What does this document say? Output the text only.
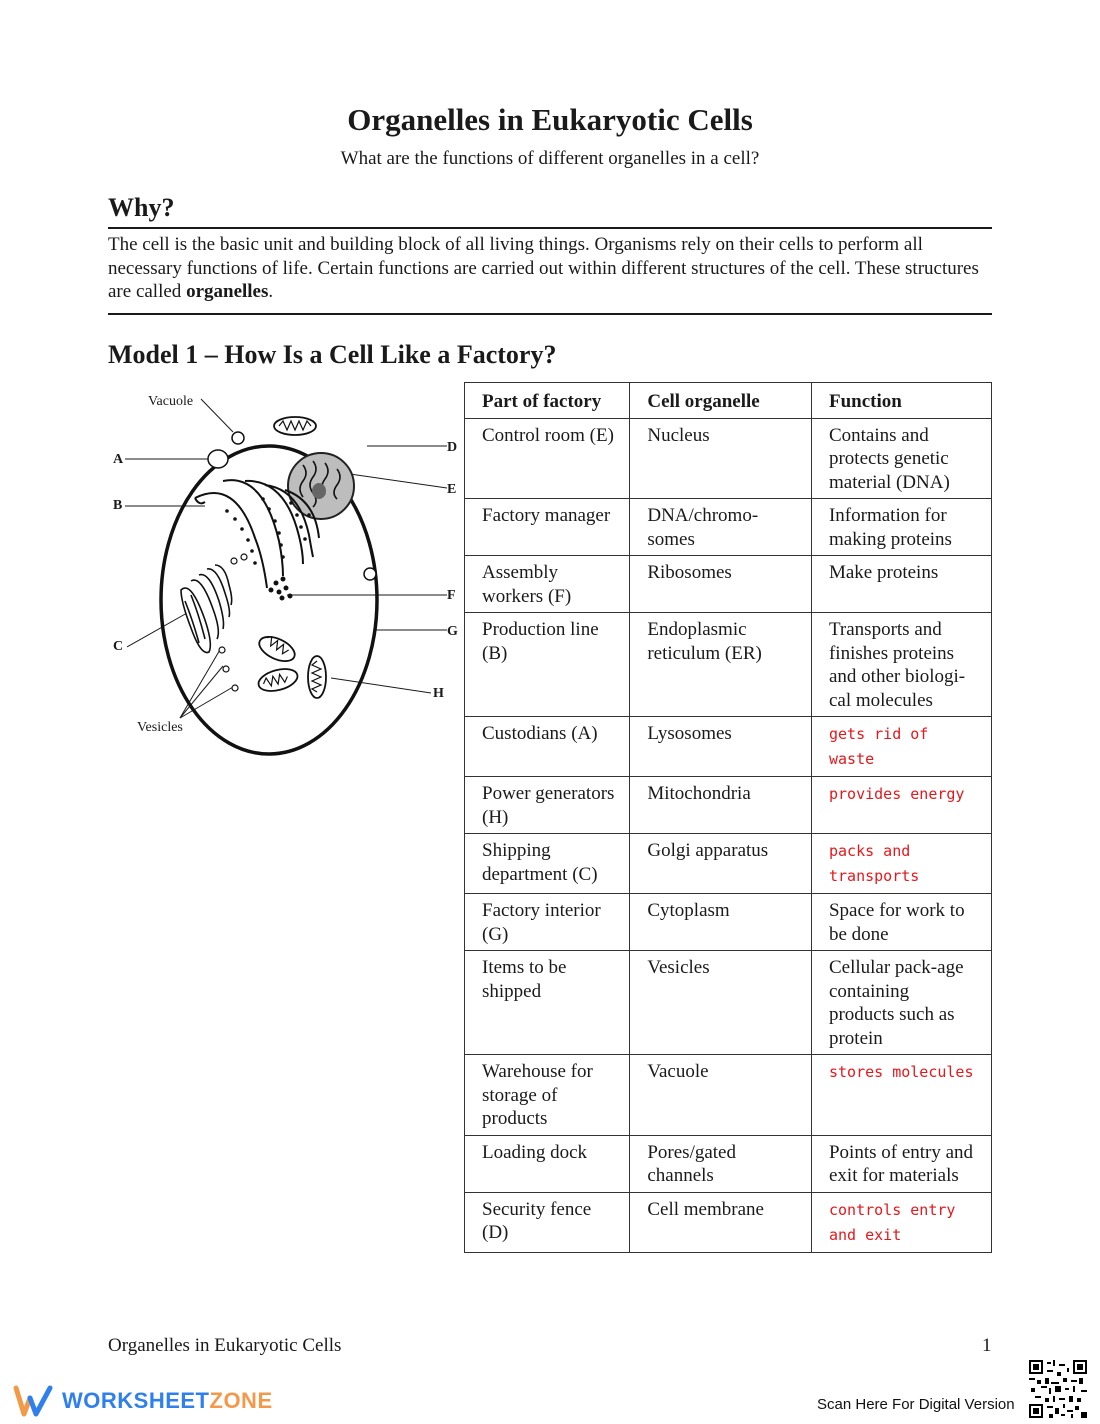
Organelles in Eukaryotic Cells
What are the functions of different organelles in a cell?
Why?
The cell is the basic unit and building block of all living things. Organisms rely on their cells to perform all necessary functions of life. Certain functions are carried out within different structures of the cell. These structures are called organelles.
Model 1 – How Is a Cell Like a Factory?
Vacuole
A
B
C
D
E
F
G
H
Vesicles
Part of factory	Cell organelle	Function
Control room (E)	Nucleus	Contains and protects genetic material (DNA)
Factory manager	DNA/chromo-somes	Information for making proteins
Assembly workers (F)	Ribosomes	Make proteins
Production line (B)	Endoplasmic reticulum (ER)	Transports and finishes proteins and other biologi-cal molecules
Custodians (A)	Lysosomes	gets rid of waste
Power generators (H)	Mitochondria	provides energy
Shipping department (C)	Golgi apparatus	packs and transports
Factory interior (G)	Cytoplasm	Space for work to be done
Items to be shipped	Vesicles	Cellular pack-age containing products such as protein
Warehouse for storage of products	Vacuole	stores molecules
Loading dock	Pores/gated channels	Points of entry and exit for materials
Security fence (D)	Cell membrane	controls entry and exit
Organelles in Eukaryotic Cells	1
WORKSHEETZONE	Scan Here For Digital Version
